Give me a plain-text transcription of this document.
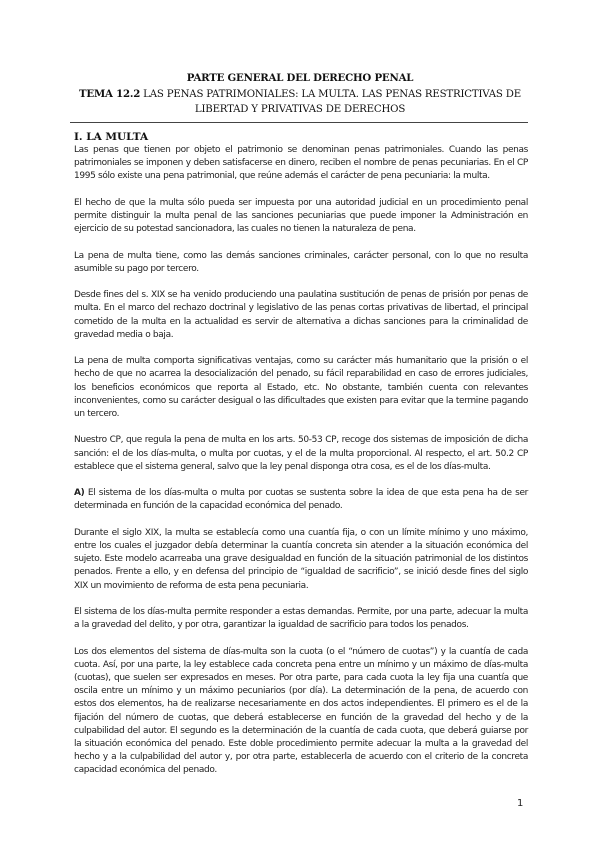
PARTE GENERAL DEL DERECHO PENAL
TEMA 12.2 LAS PENAS PATRIMONIALES: LA MULTA. LAS PENAS RESTRICTIVAS DE LIBERTAD Y PRIVATIVAS DE DERECHOS
I. LA MULTA

Las penas que tienen por objeto el patrimonio se denominan penas patrimoniales. Cuando las penas patrimoniales se imponen y deben satisfacerse en dinero, reciben el nombre de penas pecuniarias. En el CP 1995 sólo existe una pena patrimonial, que reúne además el carácter de pena pecuniaria: la multa.

El hecho de que la multa sólo pueda ser impuesta por una autoridad judicial en un procedimiento penal permite distinguir la multa penal de las sanciones pecuniarias que puede imponer la Administración en ejercicio de su potestad sancionadora, las cuales no tienen la naturaleza de pena.

La pena de multa tiene, como las demás sanciones criminales, carácter personal, con lo que no resulta asumible su pago por tercero.

Desde fines del s. XIX se ha venido produciendo una paulatina sustitución de penas de prisión por penas de multa. En el marco del rechazo doctrinal y legislativo de las penas cortas privativas de libertad, el principal cometido de la multa en la actualidad es servir de alternativa a dichas sanciones para la criminalidad de gravedad media o baja.

La pena de multa comporta significativas ventajas, como su carácter más humanitario que la prisión o el hecho de que no acarrea la desocialización del penado, su fácil reparabilidad en caso de errores judiciales, los beneficios económicos que reporta al Estado, etc. No obstante, también cuenta con relevantes inconvenientes, como su carácter desigual o las dificultades que existen para evitar que la termine pagando un tercero.

Nuestro CP, que regula la pena de multa en los arts. 50-53 CP, recoge dos sistemas de imposición de dicha sanción: el de los días-multa, o multa por cuotas, y el de la multa proporcional. Al respecto, el art. 50.2 CP establece que el sistema general, salvo que la ley penal disponga otra cosa, es el de los días-multa.

A) El sistema de los días-multa o multa por cuotas se sustenta sobre la idea de que esta pena ha de ser determinada en función de la capacidad económica del penado.

Durante el siglo XIX, la multa se establecía como una cuantía fija, o con un límite mínimo y uno máximo, entre los cuales el juzgador debía determinar la cuantía concreta sin atender a la situación económica del sujeto. Este modelo acarreaba una grave desigualdad en función de la situación patrimonial de los distintos penados. Frente a ello, y en defensa del principio de “igualdad de sacrificio”, se inició desde fines del siglo XIX un movimiento de reforma de esta pena pecuniaria.

El sistema de los días-multa permite responder a estas demandas. Permite, por una parte, adecuar la multa a la gravedad del delito, y por otra, garantizar la igualdad de sacrificio para todos los penados.

Los dos elementos del sistema de días-multa son la cuota (o el “número de cuotas”) y la cuantía de cada cuota. Así, por una parte, la ley establece cada concreta pena entre un mínimo y un máximo de días-multa (cuotas), que suelen ser expresados en meses. Por otra parte, para cada cuota la ley fija una cuantía que oscila entre un mínimo y un máximo pecuniarios (por día). La determinación de la pena, de acuerdo con estos dos elementos, ha de realizarse necesariamente en dos actos independientes. El primero es el de la fijación del número de cuotas, que deberá establecerse en función de la gravedad del hecho y de la culpabilidad del autor. El segundo es la determinación de la cuantía de cada cuota, que deberá guiarse por la situación económica del penado. Este doble procedimiento permite adecuar la multa a la gravedad del hecho y a la culpabilidad del autor y, por otra parte, establecerla de acuerdo con el criterio de la concreta capacidad económica del penado.

1
